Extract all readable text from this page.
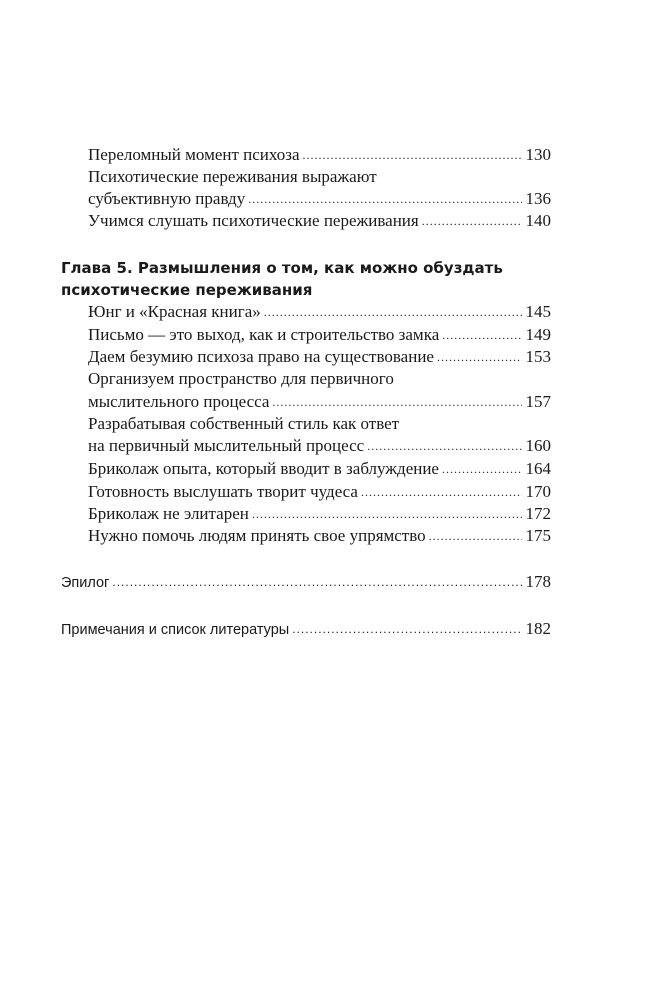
Переломный момент психоза .....	130
Психотические переживания выражают
субъективную правду .....	136
Учимся слушать психотические переживания .....	140
Глава 5. Размышления о том, как можно обуздать
психотические переживания
Юнг и «Красная книга» .....	145
Письмо — это выход, как и строительство замка .....	149
Даем безумию психоза право на существование .....	153
Организуем пространство для первичного
мыслительного процесса .....	157
Разрабатывая собственный стиль как ответ
на первичный мыслительный процесс .....	160
Бриколаж опыта, который вводит в заблуждение .....	164
Готовность выслушать творит чудеса .....	170
Бриколаж не элитарен .....	172
Нужно помочь людям принять свое упрямство .....	175
Эпилог .....	178
Примечания и список литературы .....	182
